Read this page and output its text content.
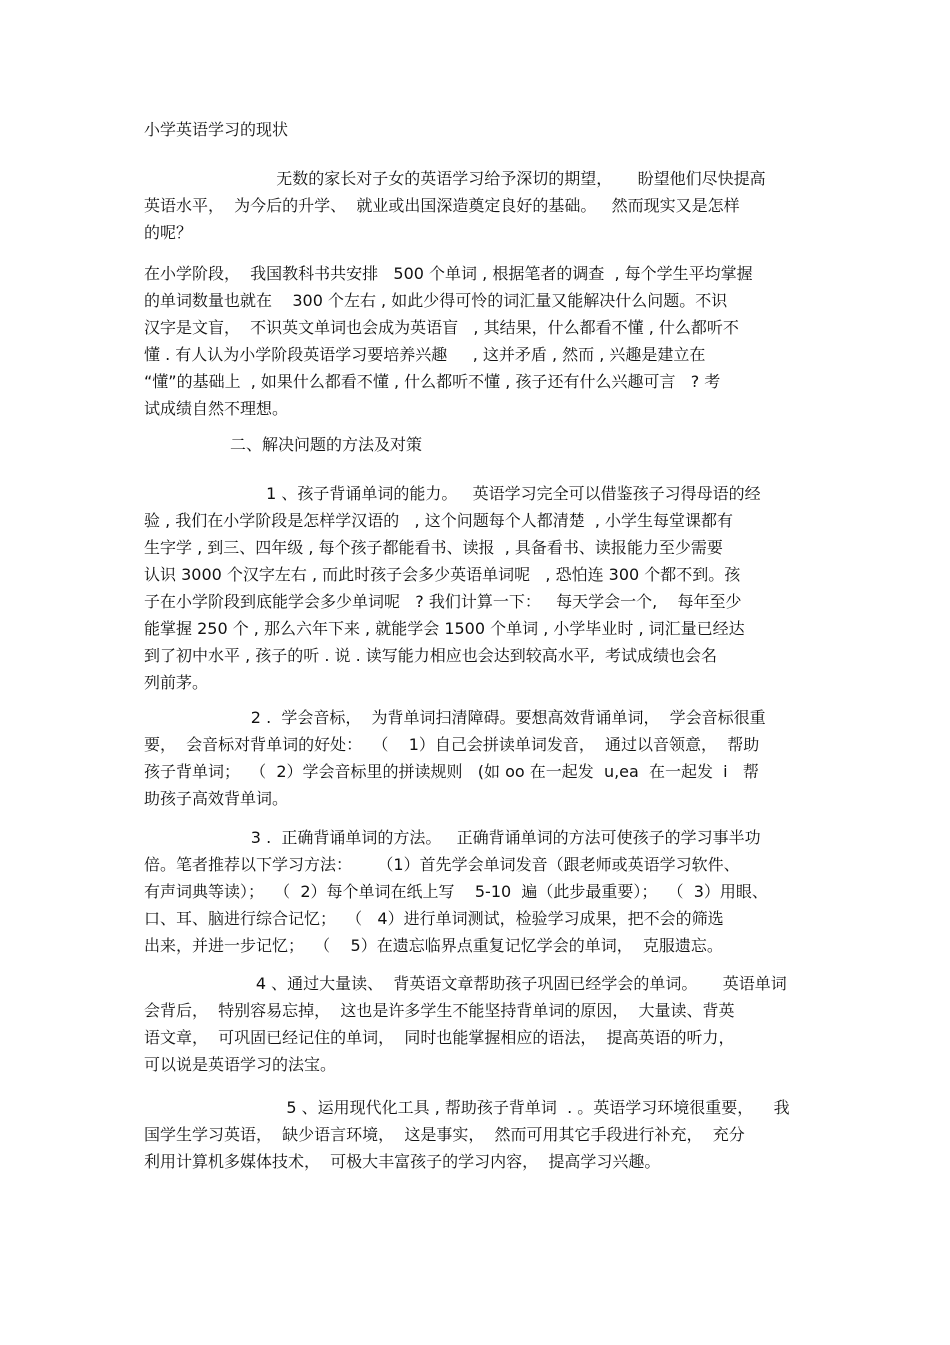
小学英语学习的现状

无数的家长对子女的英语学习给予深切的期望，     盼望他们尽快提高
英语水平，  为今后的升学、  就业或出国深造奠定良好的基础。   然而现实又是怎样
的呢？

在小学阶段，  我国教科书共安排   500 个单词 , 根据笔者的调查  , 每个学生平均掌握
的单词数量也就在    300 个左右 , 如此少得可怜的词汇量又能解决什么问题。不识
汉字是文盲，  不识英文单词也会成为英语盲   , 其结果，什么都看不懂 , 什么都听不
懂 . 有人认为小学阶段英语学习要培养兴趣     , 这并矛盾 , 然而 , 兴趣是建立在
“懂”的基础上  , 如果什么都看不懂 , 什么都听不懂 , 孩子还有什么兴趣可言   ? 考
试成绩自然不理想。

二、解决问题的方法及对策

1 、孩子背诵单词的能力。   英语学习完全可以借鉴孩子习得母语的经
验 , 我们在小学阶段是怎样学汉语的   , 这个问题每个人都清楚  , 小学生每堂课都有
生字学 , 到三、四年级 , 每个孩子都能看书、读报  , 具备看书、读报能力至少需要
认识 3000 个汉字左右 , 而此时孩子会多少英语单词呢   , 恐怕连 300 个都不到。孩
子在小学阶段到底能学会多少单词呢   ? 我们计算一下：   每天学会一个,    每年至少
能掌握 250 个 , 那么六年下来 , 就能学会 1500 个单词 , 小学毕业时 , 词汇量已经达
到了初中水平 , 孩子的听 . 说 . 读写能力相应也会达到较高水平,  考试成绩也会名
列前茅。

2 .  学会音标，  为背单词扫清障碍。要想高效背诵单词，  学会音标很重
要，  会音标对背单词的好处：  （    1）自己会拼读单词发音，  通过以音领意，  帮助
孩子背单词；  （  2）学会音标里的拼读规则   (如 oo 在一起发  u,ea  在一起发  i   帮
助孩子高效背单词。

3 .  正确背诵单词的方法。   正确背诵单词的方法可使孩子的学习事半功
倍。笔者推荐以下学习方法：     （1）首先学会单词发音（跟老师或英语学习软件、
有声词典等读）；  （  2）每个单词在纸上写    5-10  遍（此步最重要）；  （  3）用眼、
口、耳、脑进行综合记忆；  （   4）进行单词测试，检验学习成果，把不会的筛选
出来，并进一步记忆；  （    5）在遗忘临界点重复记忆学会的单词，  克服遗忘。

4 、通过大量读、  背英语文章帮助孩子巩固已经学会的单词。     英语单词
会背后，  特别容易忘掉，  这也是许多学生不能坚持背单词的原因，  大量读、背英
语文章，  可巩固已经记住的单词，  同时也能掌握相应的语法，  提高英语的听力，
可以说是英语学习的法宝。

5 、运用现代化工具 , 帮助孩子背单词  . 。英语学习环境很重要，    我
国学生学习英语，  缺少语言环境，  这是事实，  然而可用其它手段进行补充，  充分
利用计算机多媒体技术，  可极大丰富孩子的学习内容，  提高学习兴趣。
